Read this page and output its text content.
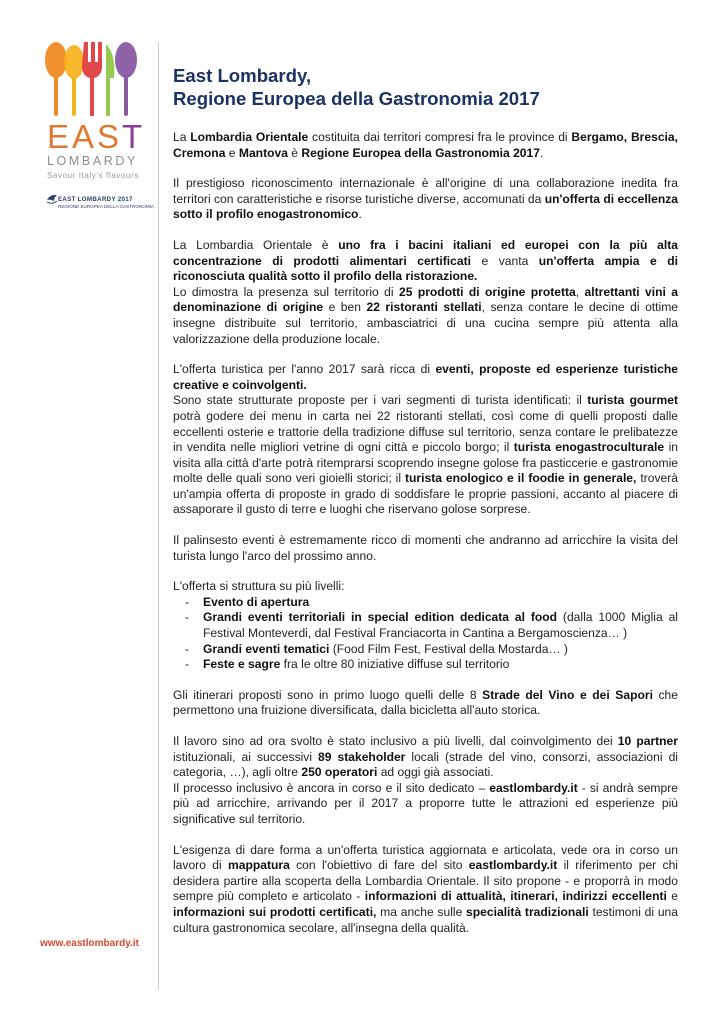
EAST
LOMBARDY
Savour Italy's flavours
EAST LOMBARDY 2017
REGIONE EUROPEA DELLA GASTRONOMIA
www.eastlombardy.it
East Lombardy,
Regione Europea della Gastronomia 2017

La Lombardia Orientale costituita dai territori compresi fra le province di Bergamo, Brescia, Cremona e Mantova è Regione Europea della Gastronomia 2017.

Il prestigioso riconoscimento internazionale è all'origine di una collaborazione inedita fra territori con caratteristiche e risorse turistiche diverse, accomunati da un'offerta di eccellenza sotto il profilo enogastronomico.

La Lombardia Orientale è uno fra i bacini italiani ed europei con la più alta concentrazione di prodotti alimentari certificati e vanta un'offerta ampia e di riconosciuta qualità sotto il profilo della ristorazione.

Lo dimostra la presenza sul territorio di 25 prodotti di origine protetta, altrettanti vini a denominazione di origine e ben 22 ristoranti stellati, senza contare le decine di ottime insegne distribuite sul territorio, ambasciatrici di una cucina sempre più attenta alla valorizzazione della produzione locale.

L'offerta turistica per l'anno 2017 sarà ricca di eventi, proposte ed esperienze turistiche creative e coinvolgenti.

Sono state strutturate proposte per i vari segmenti di turista identificati: il turista gourmet potrà godere dei menu in carta nei 22 ristoranti stellati, così come di quelli proposti dalle eccellenti osterie e trattorie della tradizione diffuse sul territorio, senza contare le prelibatezze in vendita nelle migliori vetrine di ogni città e piccolo borgo; il turista enogastroculturale in visita alla città d'arte potrà ritemprarsi scoprendo insegne golose fra pasticcerie e gastronomie molte delle quali sono veri gioielli storici; il turista enologico e il foodie in generale, troverà un'ampia offerta di proposte in grado di soddisfare le proprie passioni, accanto al piacere di assaporare il gusto di terre e luoghi che riservano golose sorprese.

Il palinsesto eventi è estremamente ricco di momenti che andranno ad arricchire la visita del turista lungo l'arco del prossimo anno.

L'offerta si struttura su più livelli:

- Evento di apertura
- Grandi eventi territoriali in special edition dedicata al food (dalla 1000 Miglia al Festival Monteverdi, dal Festival Franciacorta in Cantina a Bergamoscienza… )
- Grandi eventi tematici (Food Film Fest, Festival della Mostarda… )
- Feste e sagre fra le oltre 80 iniziative diffuse sul territorio

Gli itinerari proposti sono in primo luogo quelli delle 8 Strade del Vino e dei Sapori che permettono una fruizione diversificata, dalla bicicletta all'auto storica.

Il lavoro sino ad ora svolto è stato inclusivo a più livelli, dal coinvolgimento dei 10 partner istituzionali, ai successivi 89 stakeholder locali (strade del vino, consorzi, associazioni di categoria, …), agli oltre 250 operatori ad oggi già associati.

Il processo inclusivo è ancora in corso e il sito dedicato – eastlombardy.it - si andrà sempre più ad arricchire, arrivando per il 2017 a proporre tutte le attrazioni ed esperienze più significative sul territorio.

L'esigenza di dare forma a un'offerta turistica aggiornata e articolata, vede ora in corso un lavoro di mappatura con l'obiettivo di fare del sito eastlombardy.it il riferimento per chi desidera partire alla scoperta della Lombardia Orientale. Il sito propone - e proporrà in modo sempre più completo e articolato - informazioni di attualità, itinerari, indirizzi eccellenti e informazioni sui prodotti certificati, ma anche sulle specialità tradizionali testimoni di una cultura gastronomica secolare, all'insegna della qualità.
